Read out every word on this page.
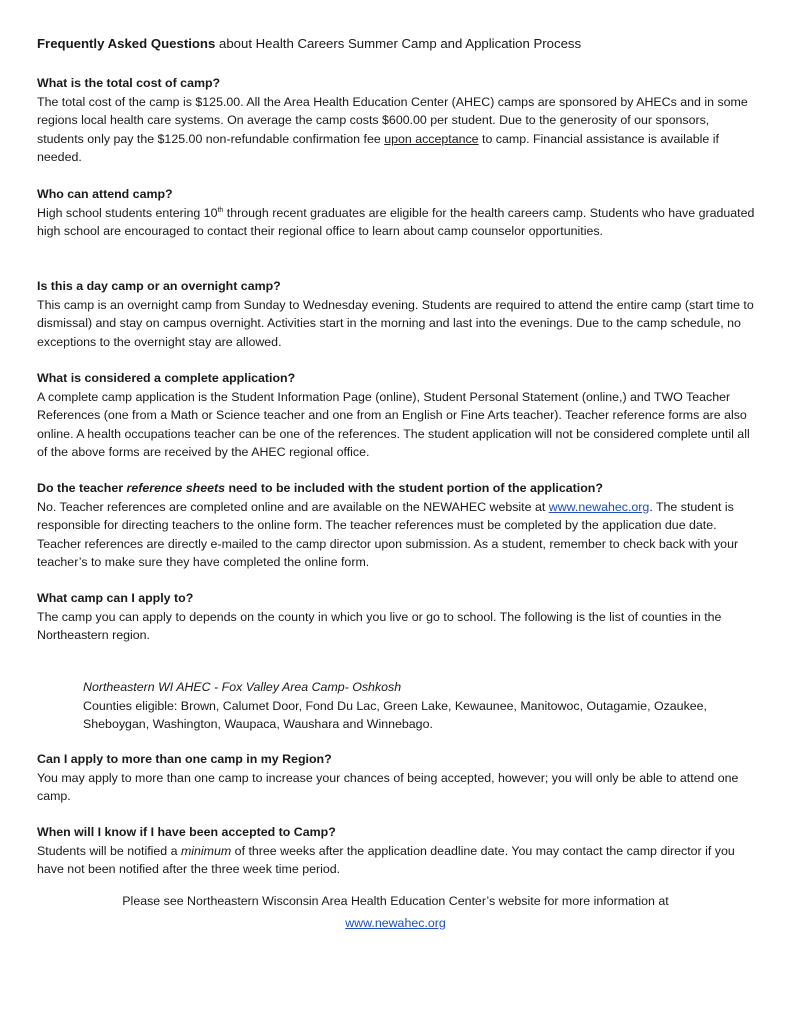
Frequently Asked Questions about Health Careers Summer Camp and Application Process
What is the total cost of camp?

The total cost of the camp is $125.00. All the Area Health Education Center (AHEC) camps are sponsored by AHECs and in some regions local health care systems. On average the camp costs $600.00 per student. Due to the generosity of our sponsors, students only pay the $125.00 non-refundable confirmation fee upon acceptance to camp. Financial assistance is available if needed.

Who can attend camp?

High school students entering 10th through recent graduates are eligible for the health careers camp. Students who have graduated high school are encouraged to contact their regional office to learn about camp counselor opportunities.

Is this a day camp or an overnight camp?

This camp is an overnight camp from Sunday to Wednesday evening. Students are required to attend the entire camp (start time to dismissal) and stay on campus overnight. Activities start in the morning and last into the evenings. Due to the camp schedule, no exceptions to the overnight stay are allowed.

What is considered a complete application?

A complete camp application is the Student Information Page (online), Student Personal Statement (online,) and TWO Teacher References (one from a Math or Science teacher and one from an English or Fine Arts teacher). Teacher reference forms are also online. A health occupations teacher can be one of the references. The student application will not be considered complete until all of the above forms are received by the AHEC regional office.

Do the teacher reference sheets need to be included with the student portion of the application?

No. Teacher references are completed online and are available on the NEWAHEC website at www.newahec.org. The student is responsible for directing teachers to the online form. The teacher references must be completed by the application due date. Teacher references are directly e-mailed to the camp director upon submission. As a student, remember to check back with your teacher’s to make sure they have completed the online form.

What camp can I apply to?

The camp you can apply to depends on the county in which you live or go to school. The following is the list of counties in the Northeastern region.

Northeastern WI AHEC - Fox Valley Area Camp- Oshkosh

Counties eligible: Brown, Calumet Door, Fond Du Lac, Green Lake, Kewaunee, Manitowoc, Outagamie, Ozaukee, Sheboygan, Washington, Waupaca, Waushara and Winnebago.

Can I apply to more than one camp in my Region?

You may apply to more than one camp to increase your chances of being accepted, however; you will only be able to attend one camp.

When will I know if I have been accepted to Camp?

Students will be notified a minimum of three weeks after the application deadline date. You may contact the camp director if you have not been notified after the three week time period.

Please see Northeastern Wisconsin Area Health Education Center’s website for more information at
www.newahec.org
